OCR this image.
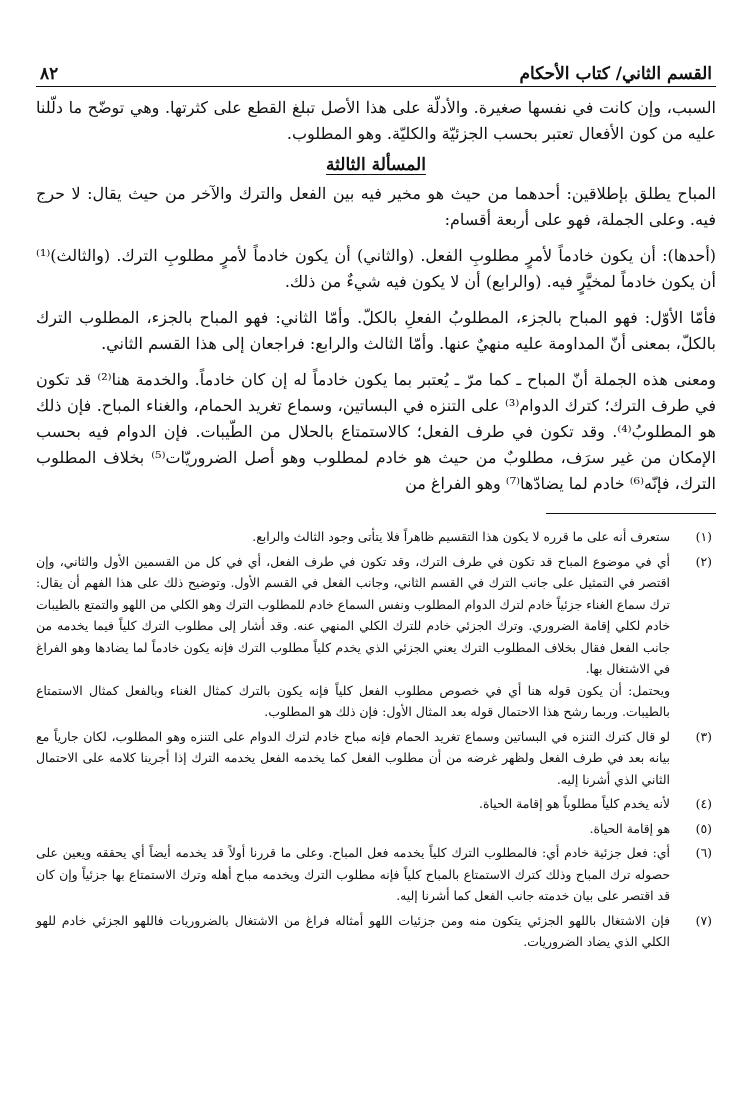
القسم الثاني/ كتاب الأحكام
٨٢

السبب، وإن كانت في نفسها صغيرة. والأدلّة على هذا الأصل تبلغ القطع على كثرتها. وهي توضّح ما دلّلنا عليه من كون الأفعال تعتبر بحسب الجزئيّة والكليّة. وهو المطلوب.

المسألة الثالثة

المباح يطلق بإطلاقين: أحدهما من حيث هو مخير فيه بين الفعل والترك والآخر من حيث يقال: لا حرج فيه. وعلى الجملة، فهو على أربعة أقسام:

(أحدها): أن يكون خادماً لأمرٍ مطلوبِ الفعل. (والثاني) أن يكون خادماً لأمرٍ مطلوبِ الترك. (والثالث)⁽¹⁾ أن يكون خادماً لمخيَّرٍ فيه. (والرابع) أن لا يكون فيه شيءٌ من ذلك.

فأمّا الأوّل: فهو المباح بالجزء، المطلوبُ الفعلِ بالكلّ. وأمّا الثاني: فهو المباح بالجزء، المطلوب الترك بالكلّ، بمعنى أنّ المداومة عليه منهيٌ عنها. وأمّا الثالث والرابع: فراجعان إلى هذا القسم الثاني.

ومعنى هذه الجملة أنّ المباح ـ كما مرّ ـ يُعتبر بما يكون خادماً له إن كان خادماً. والخدمة هنا⁽²⁾ قد تكون في طرف الترك؛ كترك الدوام⁽³⁾ على التنزه في البساتين، وسماع تغريد الحمام، والغناء المباح. فإن ذلك هو المطلوبُ⁽⁴⁾. وقد تكون في طرف الفعل؛ كالاستمتاع بالحلال من الطّيبات. فإن الدوام فيه بحسب الإمكان من غير سرَف، مطلوبٌ من حيث هو خادم لمطلوب وهو أصل الضروريّات⁽⁵⁾ بخلاف المطلوب الترك، فإنّه⁽⁶⁾ خادم لما يضادّها⁽⁷⁾ وهو الفراغ من

(١)
ستعرف أنه على ما قرره لا يكون هذا التقسيم ظاهراً فلا يتأتى وجود الثالث والرابع.
(٢)
أي في موضوع المباح قد تكون في طرف الترك، وقد تكون في طرف الفعل، أي في كل من القسمين الأول والثاني، وإن اقتصر في التمثيل على جانب الترك في القسم الثاني، وجانب الفعل في القسم الأول. وتوضيح ذلك على هذا الفهم أن يقال: ترك سماع الغناء جزئياً خادم لترك الدوام المطلوب ونفس السماع خادم للمطلوب الترك وهو الكلي من اللهو والتمتع بالطيبات خادم لكلي إقامة الضروري. وترك الجزئي خادم للترك الكلي المنهي عنه. وقد أشار إلى مطلوب الترك كلياً فيما يخدمه من جانب الفعل فقال بخلاف المطلوب الترك يعني الجزئي الذي يخدم كلياً مطلوب الترك فإنه يكون خادماً لما يضادها وهو الفراغ في الاشتغال بها.
ويحتمل: أن يكون قوله هنا أي في خصوص مطلوب الفعل كلياً فإنه يكون بالترك كمثال الغناء وبالفعل كمثال الاستمتاع بالطيبات. وربما رشح هذا الاحتمال قوله بعد المثال الأول: فإن ذلك هو المطلوب.
(٣)
لو قال كترك التنزه في البساتين وسماع تغريد الحمام فإنه مباح خادم لترك الدوام على التنزه وهو المطلوب، لكان جارياً مع بيانه بعد في طرف الفعل ولظهر غرضه من أن مطلوب الفعل كما يخدمه الفعل يخدمه الترك إذا أجرينا كلامه على الاحتمال الثاني الذي أشرنا إليه.
(٤)
لأنه يخدم كلياً مطلوباً هو إقامة الحياة.
(٥)
هو إقامة الحياة.
(٦)
أي: فعل جزئية خادم أي: فالمطلوب الترك كلياً يخدمه فعل المباح. وعلى ما قررنا أولاً قد يخدمه أيضاً أي يحققه ويعين على حصوله ترك المباح وذلك كترك الاستمتاع بالمباح كلياً فإنه مطلوب الترك ويخدمه مباح أهله وترك الاستمتاع بها جزئياً وإن كان قد اقتصر على بيان خدمته جانب الفعل كما أشرنا إليه.
(٧)
فإن الاشتغال باللهو الجزئي يتكون منه ومن جزئيات اللهو أمثاله فراغ من الاشتغال بالضروريات فاللهو الجزئي خادم للهو الكلي الذي يضاد الضروريات.
